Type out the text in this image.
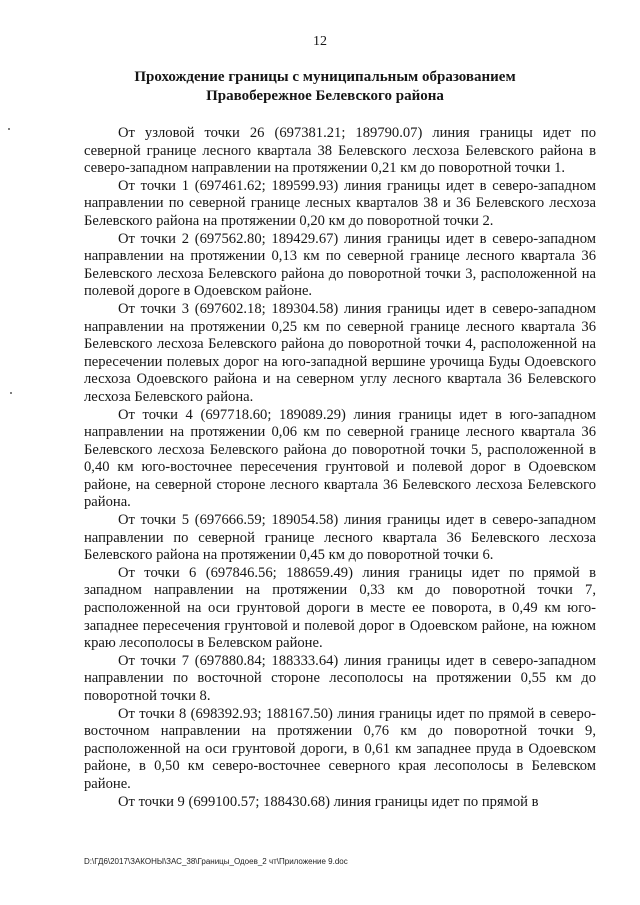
12
Прохождение границы с муниципальным образованием
Правобережное Белевского района

От узловой точки 26 (697381.21; 189790.07) линия границы идет по северной границе лесного квартала 38 Белевского лесхоза Белевского района в северо-западном направлении на протяжении 0,21 км до поворотной точки 1.

От точки 1 (697461.62; 189599.93) линия границы идет в северо-западном направлении по северной границе лесных кварталов 38 и 36 Белевского лесхоза Белевского района на протяжении 0,20 км до поворотной точки 2.

От точки 2 (697562.80; 189429.67) линия границы идет в северо-западном направлении на протяжении 0,13 км по северной границе лесного квартала 36 Белевского лесхоза Белевского района до поворотной точки 3, расположенной на полевой дороге в Одоевском районе.

От точки 3 (697602.18; 189304.58) линия границы идет в северо-западном направлении на протяжении 0,25 км по северной границе лесного квартала 36 Белевского лесхоза Белевского района до поворотной точки 4, расположенной на пересечении полевых дорог на юго-западной вершине урочища Буды Одоевского лесхоза Одоевского района и на северном углу лесного квартала 36 Белевского лесхоза Белевского района.

От точки 4 (697718.60; 189089.29) линия границы идет в юго-западном направлении на протяжении 0,06 км по северной границе лесного квартала 36 Белевского лесхоза Белевского района до поворотной точки 5, расположенной в 0,40 км юго-восточнее пересечения грунтовой и полевой дорог в Одоевском районе, на северной стороне лесного квартала 36 Белевского лесхоза Белевского района.

От точки 5 (697666.59; 189054.58) линия границы идет в северо-западном направлении по северной границе лесного квартала 36 Белевского лесхоза Белевского района на протяжении 0,45 км до поворотной точки 6.

От точки 6 (697846.56; 188659.49) линия границы идет по прямой в западном направлении на протяжении 0,33 км до поворотной точки 7, расположенной на оси грунтовой дороги в месте ее поворота, в 0,49 км юго-западнее пересечения грунтовой и полевой дорог в Одоевском районе, на южном краю лесополосы в Белевском районе.

От точки 7 (697880.84; 188333.64) линия границы идет в северо-западном направлении по восточной стороне лесополосы на протяжении 0,55 км до поворотной точки 8.

От точки 8 (698392.93; 188167.50) линия границы идет по прямой в северо-восточном направлении на протяжении 0,76 км до поворотной точки 9, расположенной на оси грунтовой дороги, в 0,61 км западнее пруда в Одоевском районе, в 0,50 км северо-восточнее северного края лесополосы в Белевском районе.

От точки 9 (699100.57; 188430.68) линия границы идет по прямой в

D:\ГД6\2017\ЗАКОНЫ\ЗАС_38\Границы_Одоев_2 чт\Приложение 9.doc
